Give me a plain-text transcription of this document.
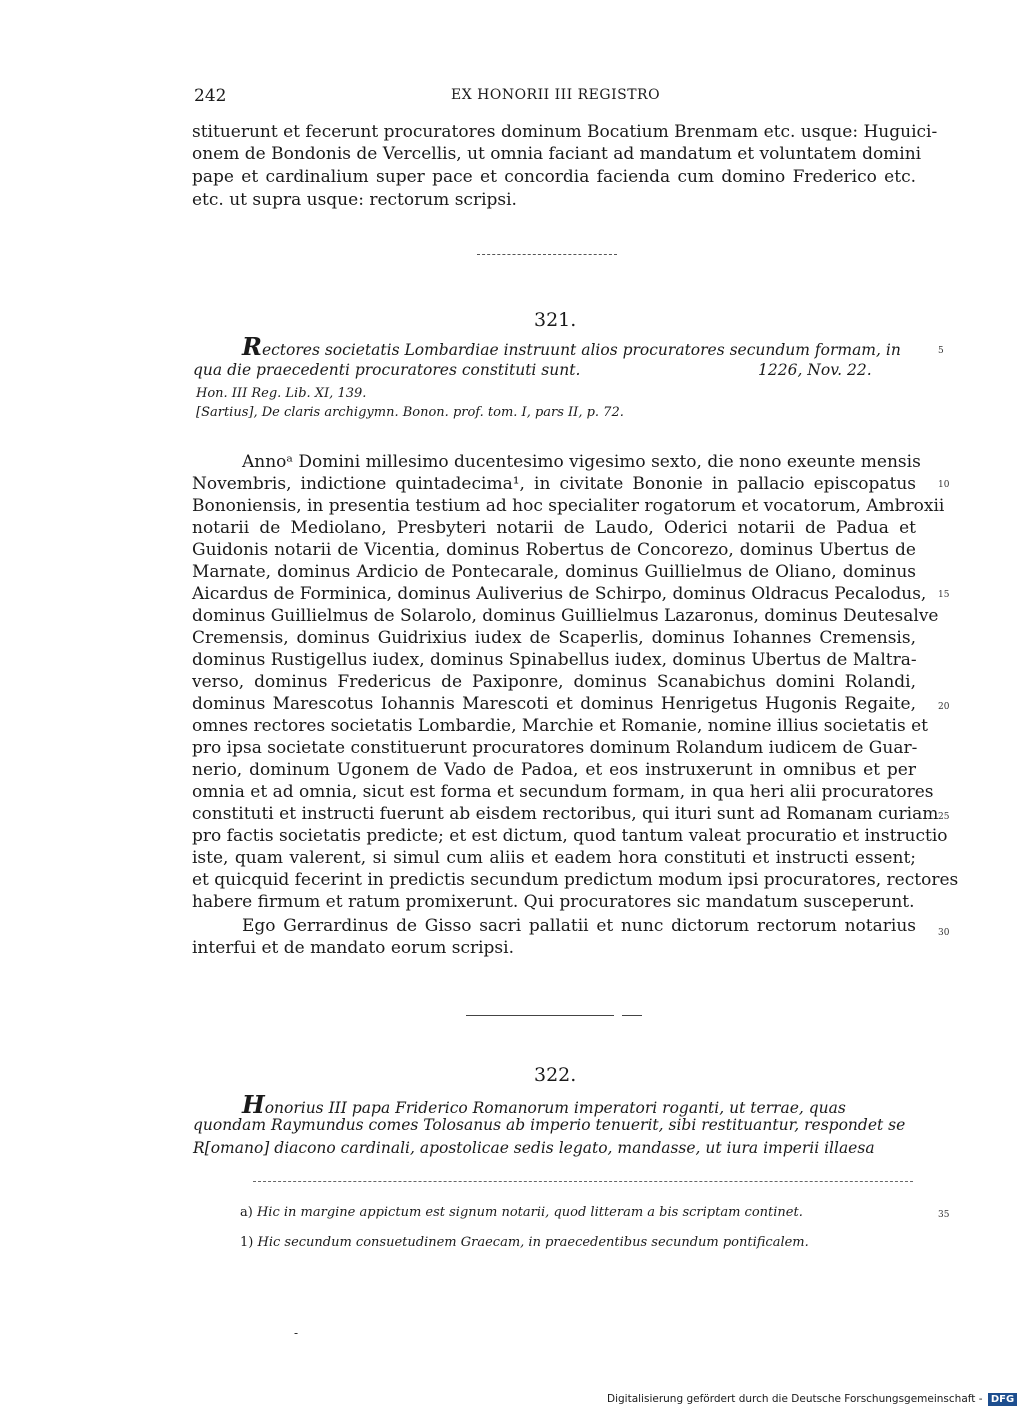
242	EX HONORII III REGISTRO
stituerunt et fecerunt procuratores dominum Bocatium Brenmam etc. usque: Huguici-
onem de Bondonis de Vercellis, ut omnia faciant ad mandatum et voluntatem domini
pape et cardinalium super pace et concordia facienda cum domino Frederico etc.
etc. ut supra usque: rectorum scripsi.
321.
Rectores societatis Lombardiae instruunt alios procuratores secundum formam, in
qua die praecedenti procuratores constituti sunt.	1226, Nov. 22.
Hon. III Reg. Lib. XI, 139.
[Sartius], De claris archigymn. Bonon. prof. tom. I, pars II, p. 72.
Annoᵃ Domini millesimo ducentesimo vigesimo sexto, die nono exeunte mensis
Novembris, indictione quintadecima¹, in civitate Bononie in pallacio episcopatus
Bononiensis, in presentia testium ad hoc specialiter rogatorum et vocatorum, Ambroxii
notarii de Mediolano, Presbyteri notarii de Laudo, Oderici notarii de Padua et
Guidonis notarii de Vicentia, dominus Robertus de Concorezo, dominus Ubertus de
Marnate, dominus Ardicio de Pontecarale, dominus Guillielmus de Oliano, dominus
Aicardus de Forminica, dominus Auliverius de Schirpo, dominus Oldracus Pecalodus,
dominus Guillielmus de Solarolo, dominus Guillielmus Lazaronus, dominus Deutesalve
Cremensis, dominus Guidrixius iudex de Scaperlis, dominus Iohannes Cremensis,
dominus Rustigellus iudex, dominus Spinabellus iudex, dominus Ubertus de Maltra-
verso, dominus Fredericus de Paxiponre, dominus Scanabichus domini Rolandi,
dominus Marescotus Iohannis Marescoti et dominus Henrigetus Hugonis Regaite,
omnes rectores societatis Lombardie, Marchie et Romanie, nomine illius societatis et
pro ipsa societate constituerunt procuratores dominum Rolandum iudicem de Guar-
nerio, dominum Ugonem de Vado de Padoa, et eos instruxerunt in omnibus et per
omnia et ad omnia, sicut est forma et secundum formam, in qua heri alii procuratores
constituti et instructi fuerunt ab eisdem rectoribus, qui ituri sunt ad Romanam curiam
pro factis societatis predicte; et est dictum, quod tantum valeat procuratio et instructio
iste, quam valerent, si simul cum aliis et eadem hora constituti et instructi essent;
et quicquid fecerint in predictis secundum predictum modum ipsi procuratores, rectores
habere firmum et ratum promixerunt. Qui procuratores sic mandatum susceperunt.
Ego Gerrardinus de Gisso sacri pallatii et nunc dictorum rectorum notarius
interfui et de mandato eorum scripsi.
322.
Honorius III papa Friderico Romanorum imperatori roganti, ut terrae, quas
quondam Raymundus comes Tolosanus ab imperio tenuerit, sibi restituantur, respondet se
R[omano] diacono cardinali, apostolicae sedis legato, mandasse, ut iura imperii illaesa
a) Hic in margine appictum est signum notarii, quod litteram a bis scriptam continet.
1) Hic secundum consuetudinem Graecam, in praecedentibus secundum pontificalem.
5
10
15
20
25
30
35
-
Digitalisierung gefördert durch die Deutsche Forschungsgemeinschaft - DFG
